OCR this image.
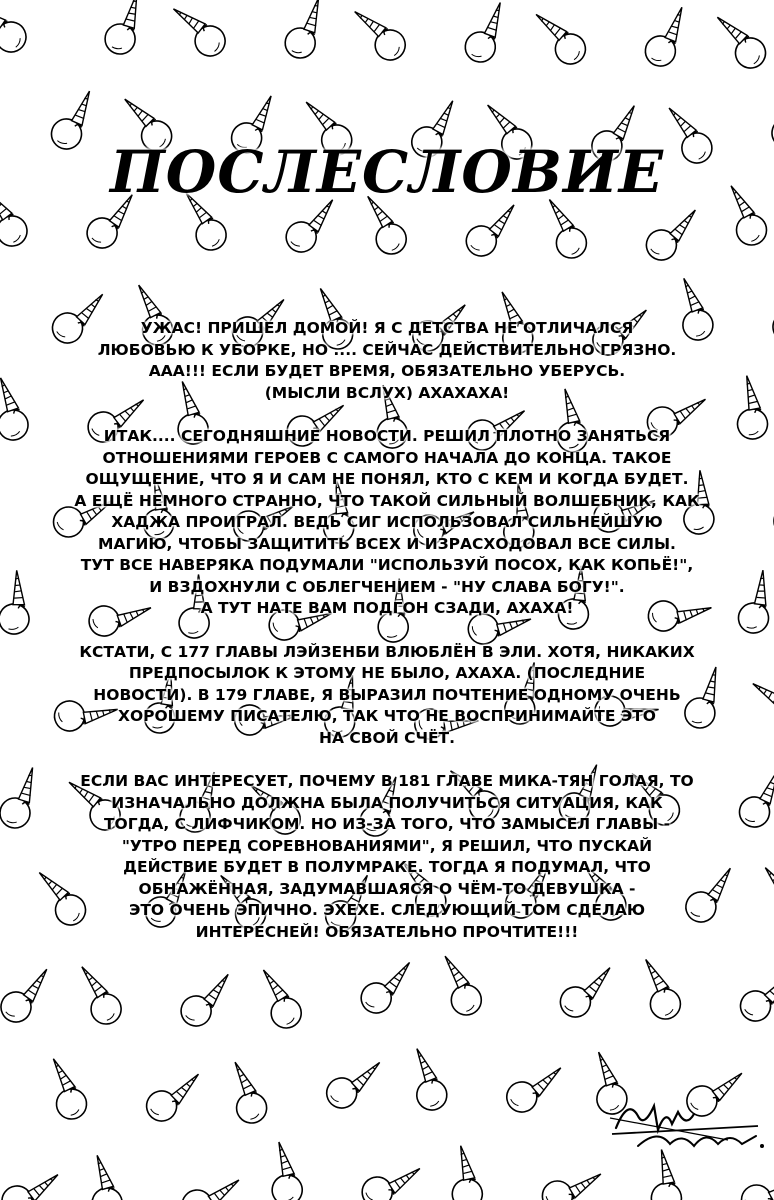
ПОСЛЕСЛОВИЕ

УЖАС! ПРИШЕЛ ДОМОЙ! Я С ДЕТСТВА НЕ ОТЛИЧАЛСЯ
ЛЮБОВЬЮ К УБОРКЕ, НО .... СЕЙЧАС ДЕЙСТВИТЕЛЬНО ГРЯЗНО.
ААА!!! ЕСЛИ БУДЕТ ВРЕМЯ, ОБЯЗАТЕЛЬНО УБЕРУСЬ.
(МЫСЛИ ВСЛУХ) АХАХАХА!

ИТАК.... СЕГОДНЯШНИЕ НОВОСТИ. РЕШИЛ ПЛОТНО ЗАНЯТЬСЯ
ОТНОШЕНИЯМИ ГЕРОЕВ С САМОГО НАЧАЛА ДО КОНЦА. ТАКОЕ
ОЩУЩЕНИЕ, ЧТО Я И САМ НЕ ПОНЯЛ, КТО С КЕМ И КОГДА БУДЕТ.
А ЕЩЁ НЕМНОГО СТРАННО, ЧТО ТАКОЙ СИЛЬНЫЙ ВОЛШЕБНИК, КАК
ХАДЖА ПРОИГРАЛ. ВЕДЬ СИГ ИСПОЛЬЗОВАЛ СИЛЬНЕЙШУЮ
МАГИЮ, ЧТОБЫ ЗАЩИТИТЬ ВСЕХ И ИЗРАСХОДОВАЛ ВСЕ СИЛЫ.
ТУТ ВСЕ НАВЕРЯКА ПОДУМАЛИ "ИСПОЛЬЗУЙ ПОСОХ, КАК КОПЬЁ!",
И ВЗДОХНУЛИ С ОБЛЕГЧЕНИЕМ - "НУ СЛАВА БОГУ!".
А ТУТ НАТЕ ВАМ ПОДГОН СЗАДИ, АХАХА!

КСТАТИ, С 177 ГЛАВЫ ЛЭЙЗЕНБИ ВЛЮБЛЁН В ЭЛИ. ХОТЯ, НИКАКИХ
ПРЕДПОСЫЛОК К ЭТОМУ НЕ БЫЛО, АХАХА. (ПОСЛЕДНИЕ
НОВОСТИ). В 179 ГЛАВЕ, Я ВЫРАЗИЛ ПОЧТЕНИЕ ОДНОМУ ОЧЕНЬ
ХОРОШЕМУ ПИСАТЕЛЮ, ТАК ЧТО НЕ ВОСПРИНИМАЙТЕ ЭТО
НА СВОЙ СЧЁТ.

ЕСЛИ ВАС ИНТЕРЕСУЕТ, ПОЧЕМУ В 181 ГЛАВЕ МИКА-ТЯН ГОЛАЯ, ТО
ИЗНАЧАЛЬНО ДОЛЖНА БЫЛА ПОЛУЧИТЬСЯ СИТУАЦИЯ, КАК
ТОГДА, С ЛИФЧИКОМ. НО ИЗ-ЗА ТОГО, ЧТО ЗАМЫСЕЛ ГЛАВЫ -
"УТРО ПЕРЕД СОРЕВНОВАНИЯМИ", Я РЕШИЛ, ЧТО ПУСКАЙ
ДЕЙСТВИЕ БУДЕТ В ПОЛУМРАКЕ. ТОГДА Я ПОДУМАЛ, ЧТО
ОБНАЖЁННАЯ, ЗАДУМАВШАЯСЯ О ЧЁМ-ТО ДЕВУШКА -
ЭТО ОЧЕНЬ ЭПИЧНО. ЭХЕХЕ. СЛЕДУЮЩИЙ ТОМ СДЕЛАЮ
ИНТЕРЕСНЕЙ! ОБЯЗАТЕЛЬНО ПРОЧТИТЕ!!!
